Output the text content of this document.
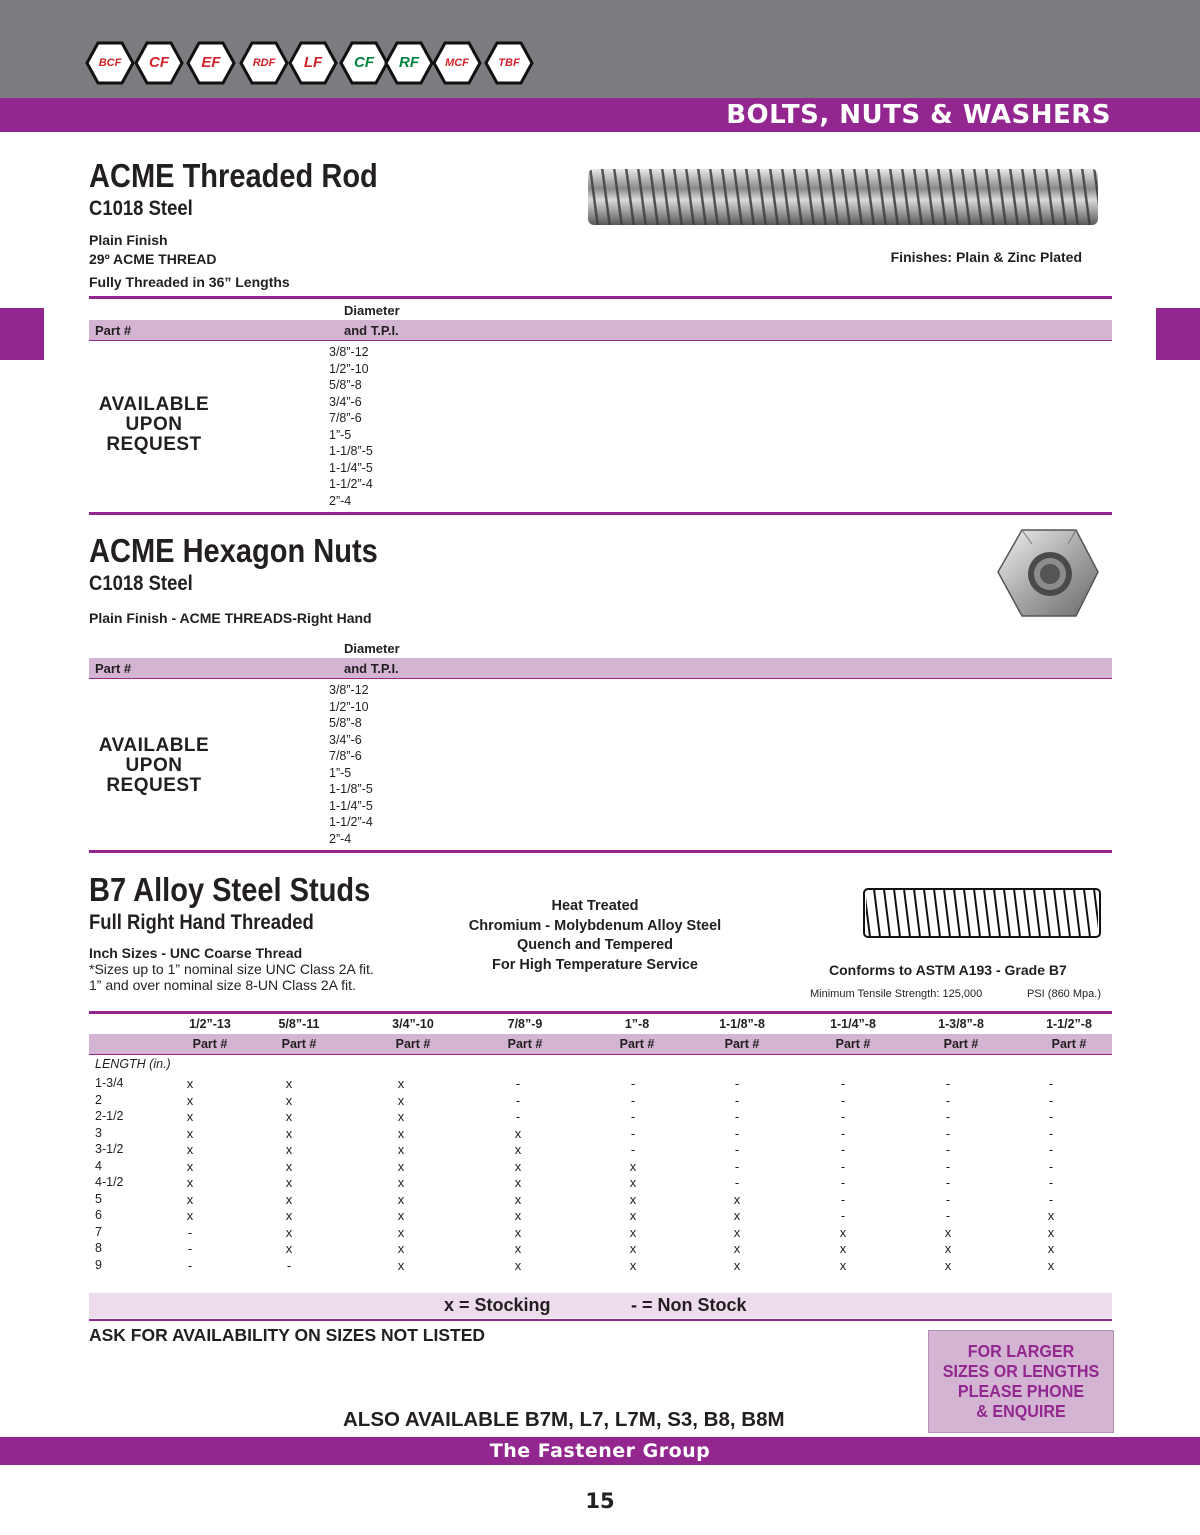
BOLTS, NUTS & WASHERS
BCF	CF	EF	RDF	LF	CF	RF	MCF	TBF
ACME Threaded Rod
C1018 Steel
Plain Finish
29º ACME THREAD
Fully Threaded in 36” Lengths
Finishes: Plain & Zinc Plated
Diameter
Part #	and T.P.I.
AVAILABLE
UPON
REQUEST
3/8”-12
1/2”-10
5/8”-8
3/4”-6
7/8”-6
1”-5
1-1/8”-5
1-1/4”-5
1-1/2”-4
2”-4
ACME Hexagon Nuts
C1018 Steel
Plain Finish - ACME THREADS-Right Hand
Diameter
Part #	and T.P.I.
AVAILABLE
UPON
REQUEST
3/8”-12
1/2”-10
5/8”-8
3/4”-6
7/8”-6
1”-5
1-1/8”-5
1-1/4”-5
1-1/2”-4
2”-4
B7 Alloy Steel Studs
Full Right Hand Threaded
Inch Sizes - UNC Coarse Thread
*Sizes up to 1” nominal size UNC Class 2A fit.
1” and over nominal size 8-UN Class 2A fit.
Heat Treated
Chromium - Molybdenum Alloy Steel
Quench and Tempered
For High Temperature Service	Conforms to ASTM A193 - Grade B7
Minimum Tensile Strength: 125,000	PSI (860 Mpa.)
1/2”-13	5/8”-11	3/4”-10	7/8”-9	1”-8	1-1/8”-8	1-1/4”-8	1-3/8”-8	1-1/2”-8
Part #	Part #	Part #	Part #	Part #	Part #	Part #	Part #	Part #
LENGTH (in.)
1-3/4	x	x	x	-	-	-	-	-	-
2	x	x	x	-	-	-	-	-	-
2-1/2	x	x	x	-	-	-	-	-	-
3	x	x	x	x	-	-	-	-	-
3-1/2	x	x	x	x	-	-	-	-	-
4	x	x	x	x	x	-	-	-	-
4-1/2	x	x	x	x	x	-	-	-	-
5	x	x	x	x	x	x	-	-	-
6	x	x	x	x	x	x	-	-	x
7	-	x	x	x	x	x	x	x	x
8	-	x	x	x	x	x	x	x	x
9	-	-	x	x	x	x	x	x	x
x = Stocking	- = Non Stock
ASK FOR AVAILABILITY ON SIZES NOT LISTED
FOR LARGER
SIZES OR LENGTHS
PLEASE PHONE
& ENQUIRE
ALSO AVAILABLE B7M, L7, L7M, S3, B8, B8M
The Fastener Group
15
